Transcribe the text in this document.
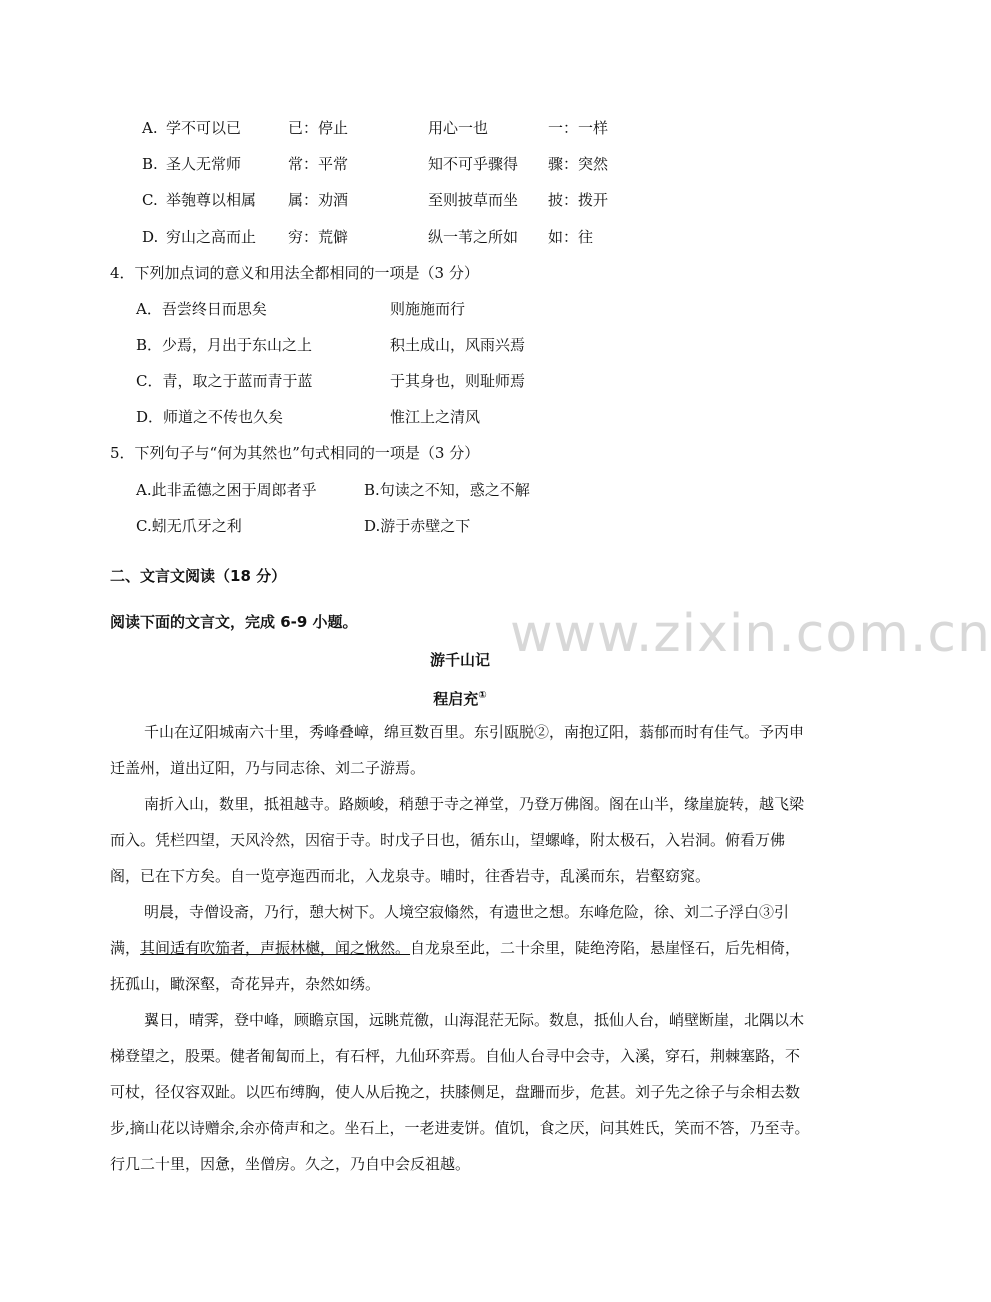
A. 学不可以已	已：停止	用心一也	一：一样
B. 圣人无常师	常：平常	知不可乎骤得 骤：突然
C. 举匏尊以相属 属：劝酒	至则披草而坐 披：拨开
D. 穷山之高而止 穷：荒僻	纵一苇之所如 如：往
4．下列加点词的意义和用法全都相同的一项是（3 分）
A．吾尝终日而思矣	则施施而行
B．少焉，月出于东山之上	积土成山，风雨兴焉
C．青，取之于蓝而青于蓝	于其身也，则耻师焉
D．师道之不传也久矣	惟江上之清风
5．下列句子与“何为其然也”句式相同的一项是（3 分）
A.此非孟德之困于周郎者乎	B.句读之不知，惑之不解
C.蚓无爪牙之利	D.游于赤壁之下
二、文言文阅读（18 分）
阅读下面的文言文，完成 6-9 小题。	www.zixin.com.cn
游千山记
程启充①
千山在辽阳城南六十里，秀峰叠嶂，绵亘数百里。东引瓯脱②，南抱辽阳，蓊郁而时有佳气。予丙申迁盖州，道出辽阳，乃与同志徐、刘二子游焉。
南折入山，数里，抵祖越寺。路颇峻，稍憩于寺之禅堂，乃登万佛阁。阁在山半，缘崖旋转，越飞梁而入。凭栏四望，天风泠然，因宿于寺。时戊子日也，循东山，望螺峰，附太极石，入岩洞。俯看万佛阁，已在下方矣。自一览亭迤西而北，入龙泉寺。晡时，往香岩寺，乱溪而东，岩壑窈窕。
明晨，寺僧设斋，乃行，憩大树下。人境空寂翛然，有遗世之想。东峰危险，徐、刘二子浮白③引满，其间适有吹笳者，声振林樾，闻之愀然。自龙泉至此，二十余里，陡绝洿陷，悬崖怪石，后先相倚，抚孤山，瞰深壑，奇花异卉，杂然如绣。
翼日，晴霁，登中峰，顾瞻京国，远眺荒徼，山海混茫无际。数息，抵仙人台，峭壁断崖，北隅以木梯登望之，股栗。健者匍匐而上，有石枰，九仙环弈焉。自仙人台寻中会寺，入溪，穿石，荆棘塞路，不可杖，径仅容双趾。以匹布缚胸，使人从后挽之，扶膝侧足，盘跚而步，危甚。刘子先之徐子与余相去数步,摘山花以诗赠余,余亦倚声和之。坐石上，一老进麦饼。值饥，食之厌，问其姓氏，笑而不答，乃至寺。行几二十里，因惫，坐僧房。久之，乃自中会反祖越。
